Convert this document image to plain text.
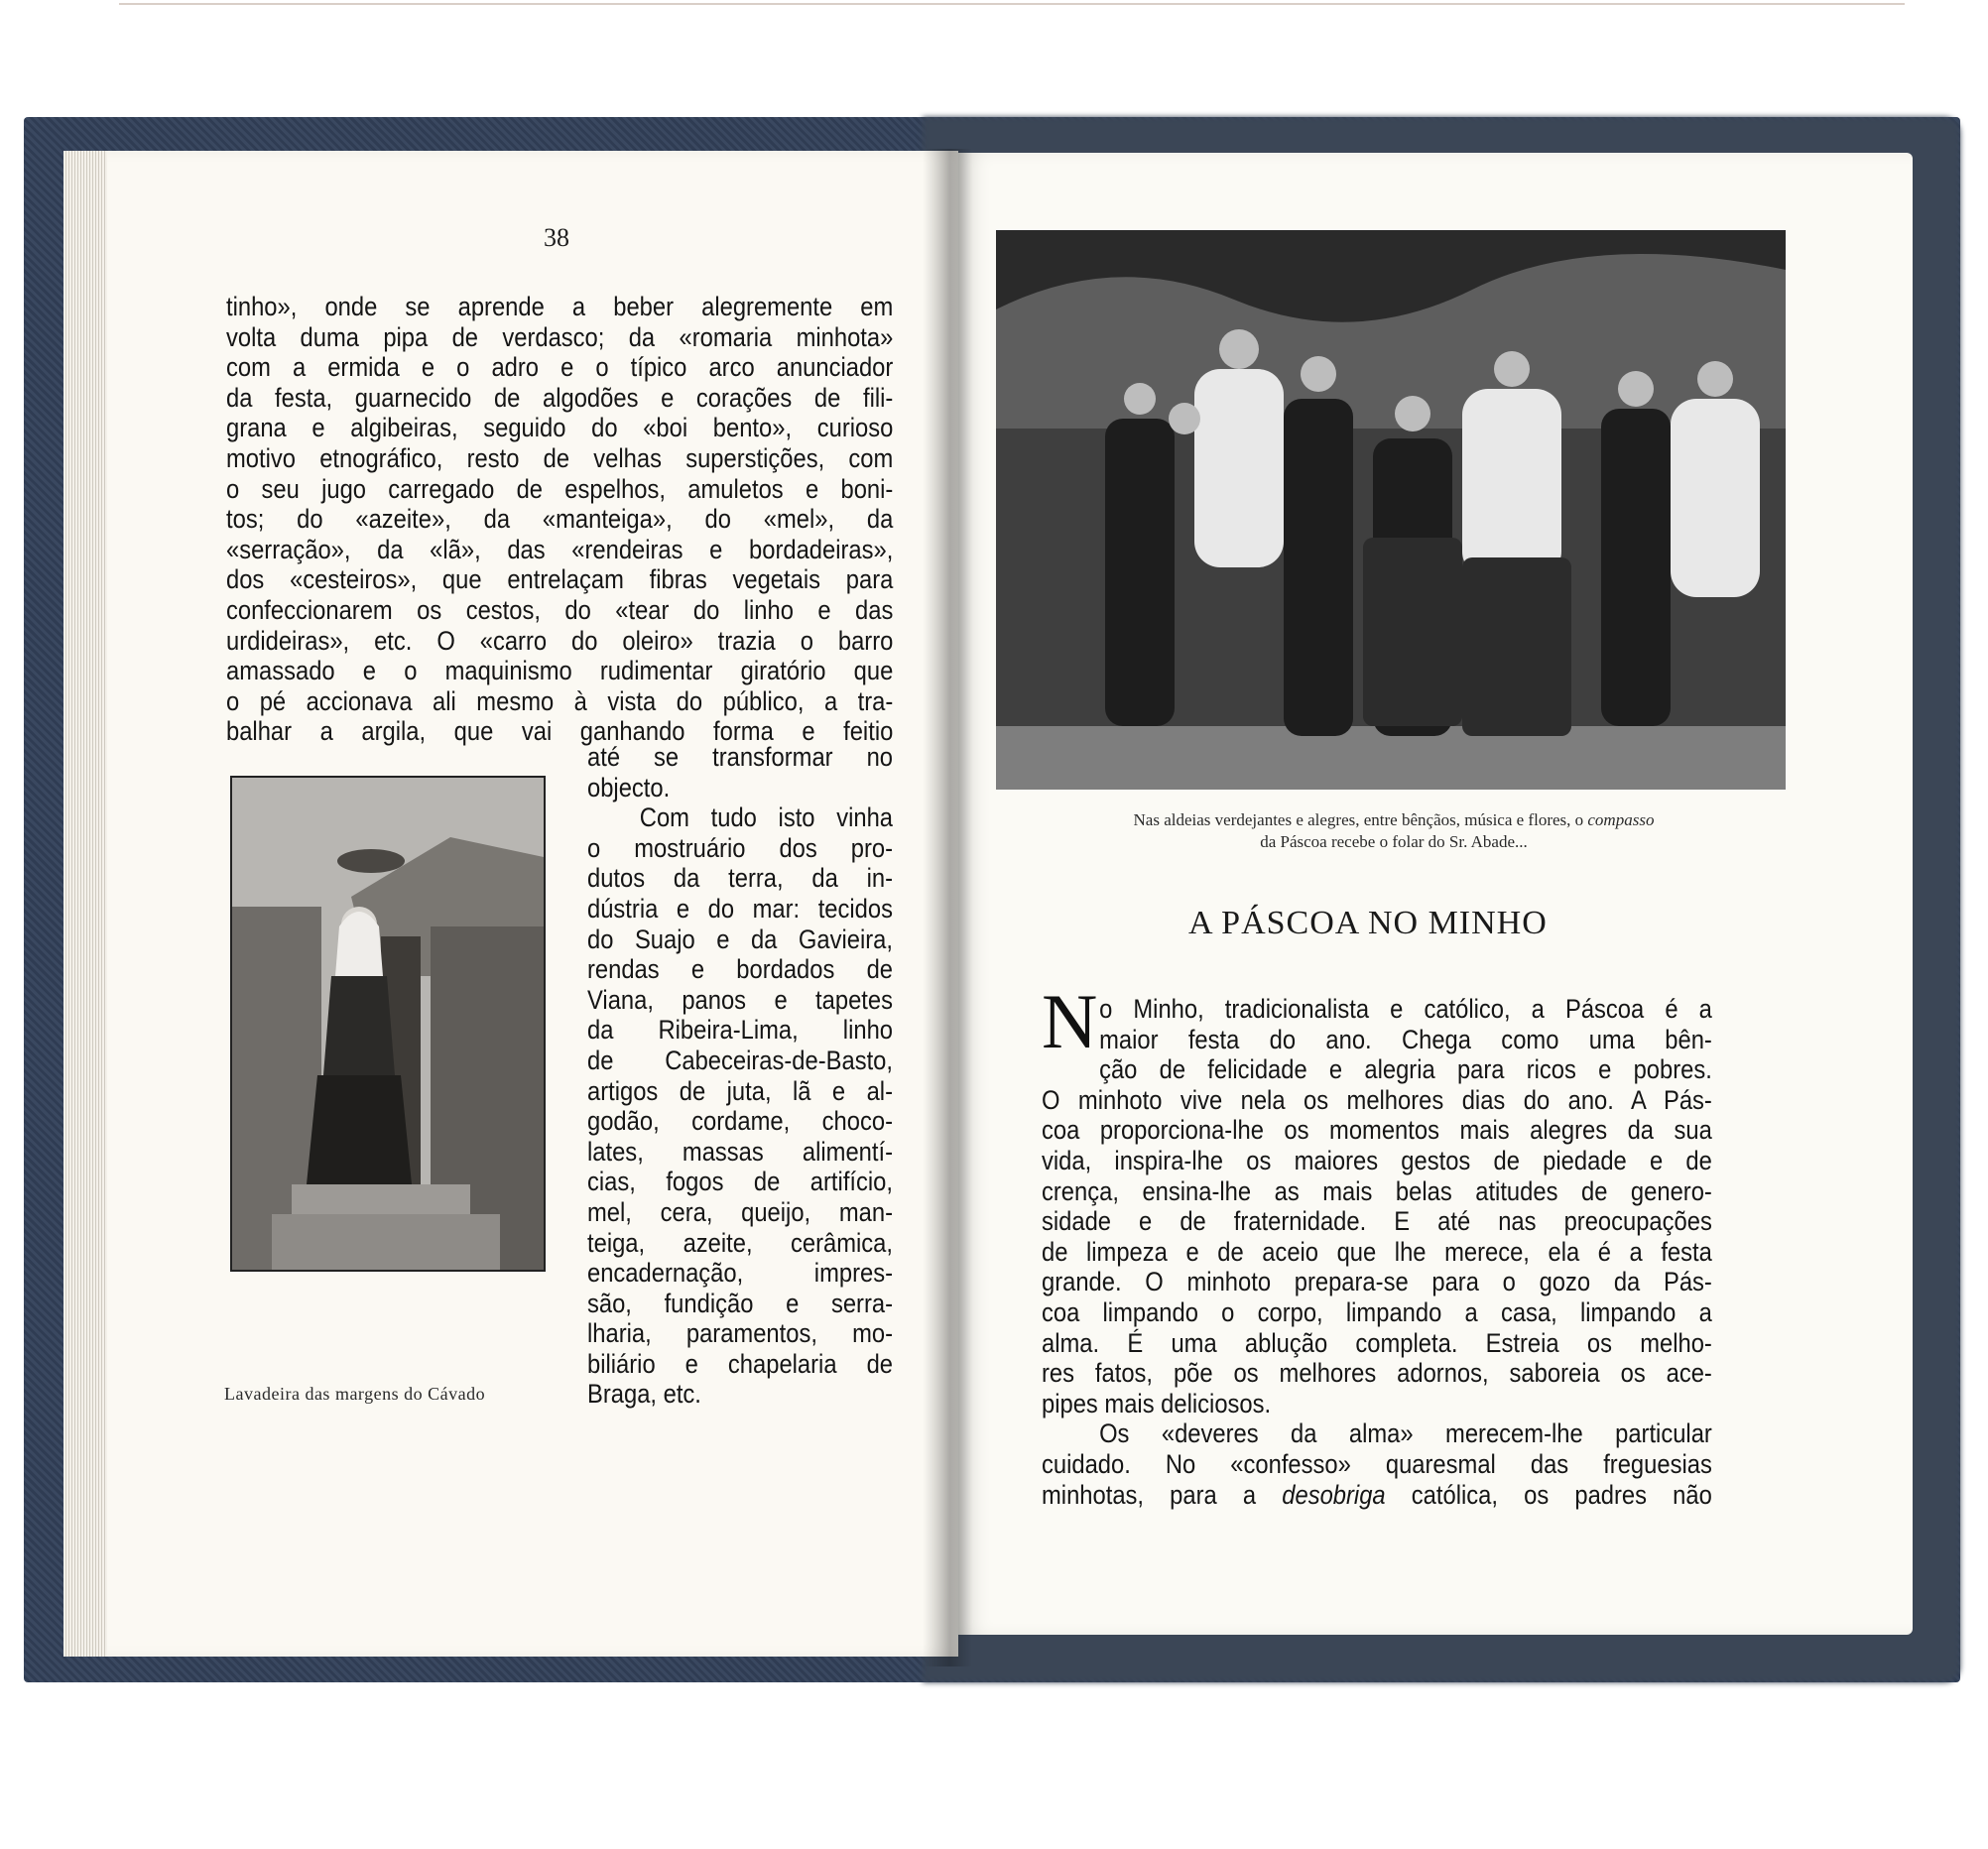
38
tinho», onde se aprende a beber alegremente em
volta duma pipa de verdasco; da «romaria minhota»
com a ermida e o adro e o típico arco anunciador
da festa, guarnecido de algodões e corações de fili-
grana e algibeiras, seguido do «boi bento», curioso
motivo etnográfico, resto de velhas superstições, com
o seu jugo carregado de espelhos, amuletos e boni-
tos; do «azeite», da «manteiga», do «mel», da
«serração», da «lã», das «rendeiras e bordadeiras»,
dos «cesteiros», que entrelaçam fibras vegetais para
confeccionarem os cestos, do «tear do linho e das
urdideiras», etc. O «carro do oleiro» trazia o barro
amassado e o maquinismo rudimentar giratório que
o pé accionava ali mesmo à vista do público, a tra-
balhar a argila, que vai ganhando forma e feitio
até se transformar no
objecto.
Com tudo isto vinha
o mostruário dos pro-
dutos da terra, da in-
dústria e do mar: tecidos
do Suajo e da Gavieira,
rendas e bordados de
Viana, panos e tapetes
da Ribeira-Lima, linho
de Cabeceiras-de-Basto,
artigos de juta, lã e al-
godão, cordame, choco-
lates, massas alimentí-
cias, fogos de artifício,
mel, cera, queijo, man-
teiga, azeite, cerâmica,
encadernação, impres-
são, fundição e serra-
lharia, paramentos, mo-
biliário e chapelaria de
Braga, etc.
Lavadeira das margens do Cávado
Nas aldeias verdejantes e alegres, entre bênçãos, música e flores, o compasso
da Páscoa recebe o folar do Sr. Abade...
A PÁSCOA NO MINHO
N o Minho, tradicionalista e católico, a Páscoa é a
maior festa do ano. Chega como uma bên-
ção de felicidade e alegria para ricos e pobres.
O minhoto vive nela os melhores dias do ano. A Pás-
coa proporciona-lhe os momentos mais alegres da sua
vida, inspira-lhe os maiores gestos de piedade e de
crença, ensina-lhe as mais belas atitudes de genero-
sidade e de fraternidade. E até nas preocupações
de limpeza e de aceio que lhe merece, ela é a festa
grande. O minhoto prepara-se para o gozo da Pás-
coa limpando o corpo, limpando a casa, limpando a
alma. É uma ablução completa. Estreia os melho-
res fatos, põe os melhores adornos, saboreia os ace-
pipes mais deliciosos.
Os «deveres da alma» merecem-lhe particular
cuidado. No «confesso» quaresmal das freguesias
minhotas, para a desobriga católica, os padres não
